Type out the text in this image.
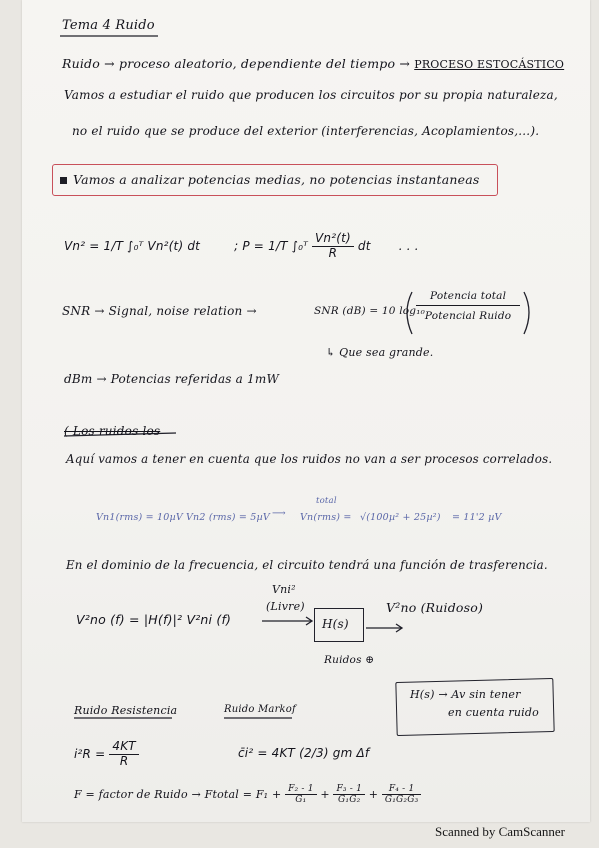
Tema 4 Ruido
Ruido → proceso aleatorio, dependiente del tiempo → PROCESO ESTOCÁSTICO
Vamos a estudiar el ruido que producen los circuitos por su propia naturaleza,
no el ruido que se produce del exterior (interferencias, Acoplamientos,...).
Vamos a analizar potencias medias, no potencias instantaneas
Vn² = 1/T ∫₀ᵀ Vn²(t) dt	; P = 1/T ∫₀ᵀ $\frac{\text{Vn²(t)}}{R}$ dt . . .
SNR → Signal, noise relation →	SNR (dB) = 10 log₁₀
$\frac{\text{Potencia total}}{\text{Potencial Ruido}}$
↳ Que sea grande.
dBm → Potencias referidas a 1mW
( Los ruidos los
Aquí vamos a tener en cuenta que los ruidos no van a ser procesos correlados.
Vn1(rms) = 10µV Vn2 (rms) = 5µV ⟶
total
Vn(rms) = √(100µ² + 25µ²) = 11'2 µV
En el dominio de la frecuencia, el circuito tendrá una función de trasferencia.
V²no (f) = |H(f)|² V²ni (f)
Vni²
(Livre)
H(s)
V²no (Ruidoso)
Ruidos ⊕
H(s) → Av sin tener
en cuenta ruido
Ruido Resistencia	Ruido Markof
$i^2R = \frac{4KT}{R}$	c̄i² = 4KT (2/3) gm Δf
F = factor de Ruido → Ftotal = $F_1 + \frac{\text{F₂ - 1}}{\text{G₁}} + \frac{\text{F₃ - 1}}{\text{G₁G₂}} + \frac{\text{F₄ - 1}}{\text{G₁G₂G₃}}$
Scanned by CamScanner
